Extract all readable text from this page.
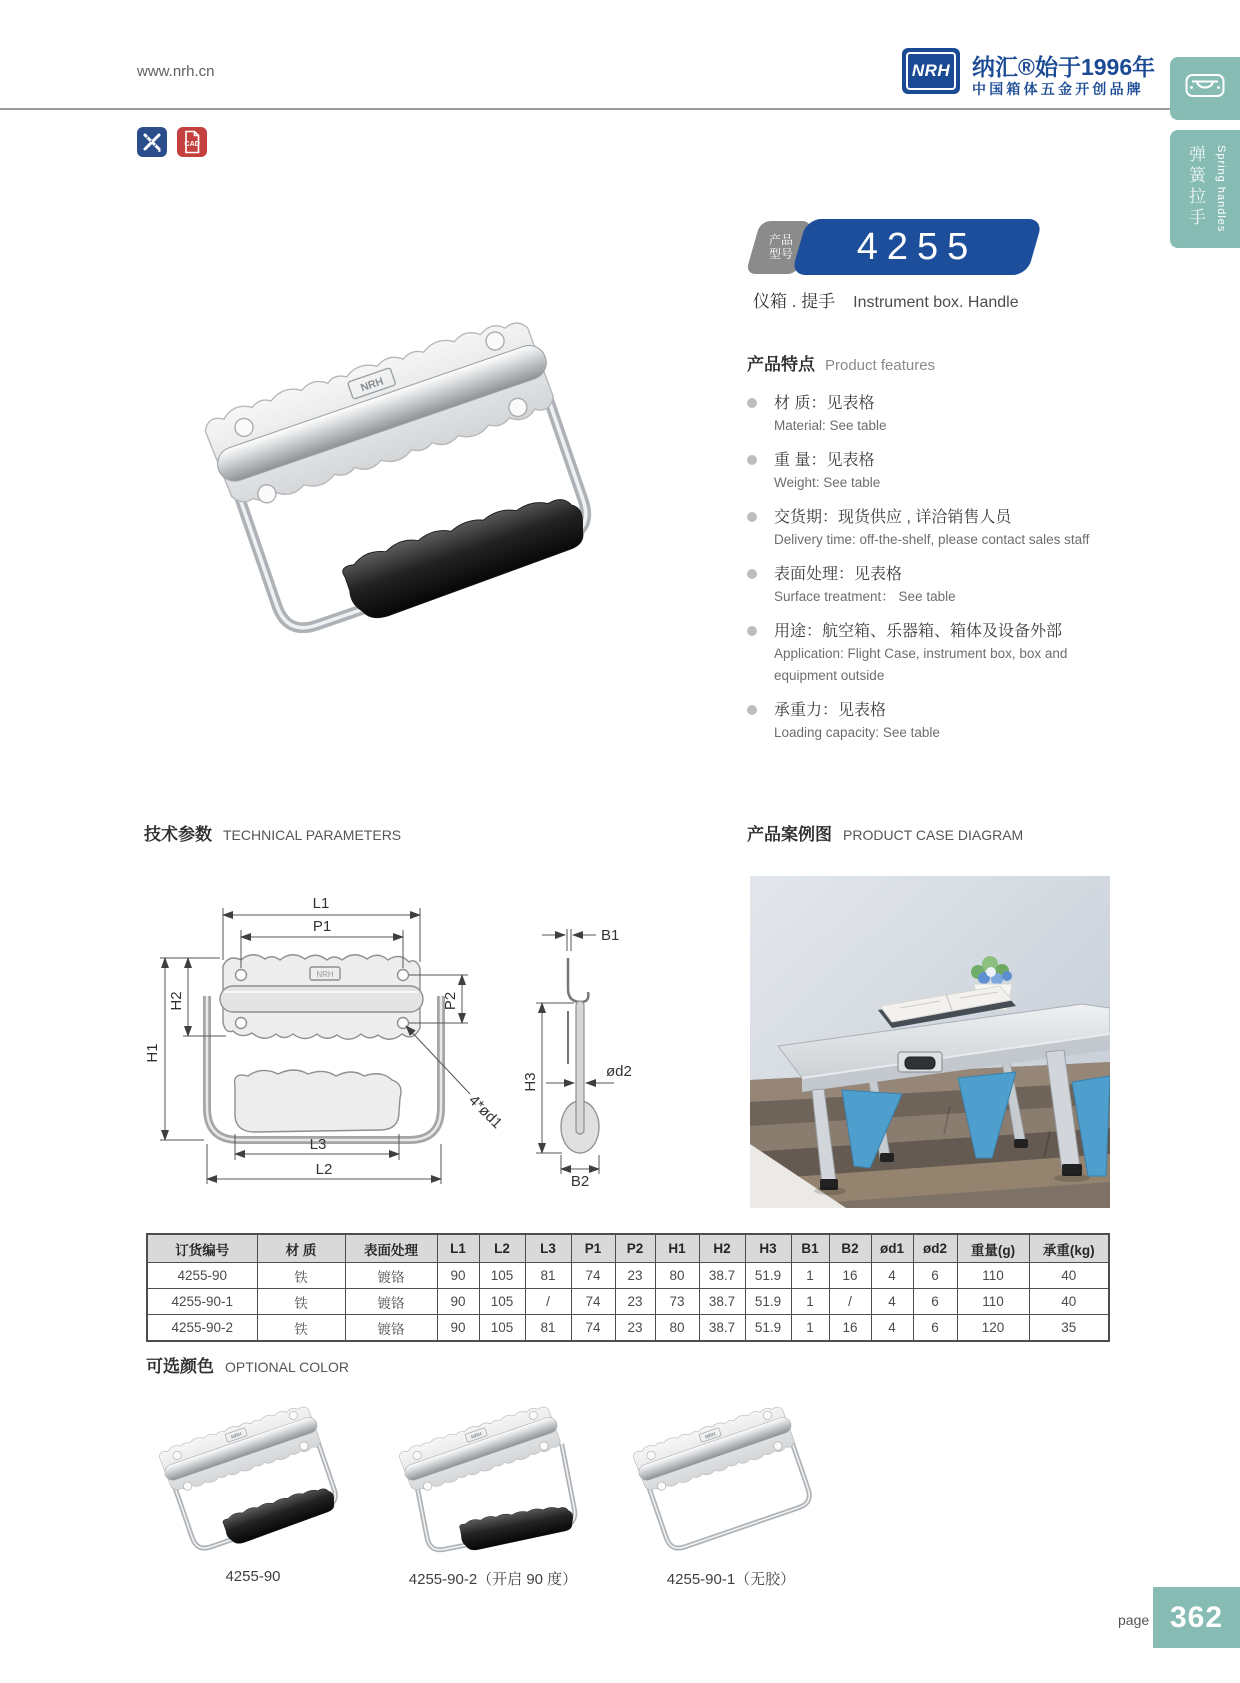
www.nrh.cn	NRH 纳汇®始于1996年
中国箱体五金开创品牌
弹簧拉手 Spring handles
CAD
产品
型号	4255
仪箱 . 提手 Instrument box. Handle
产品特点 Product features
材 质：见表格
Material: See table
重 量：见表格
Weight: See table
交货期：现货供应 , 详洽销售人员
Delivery time: off-the-shelf, please contact sales staff
表面处理：见表格
Surface treatment： See table
用途：航空箱、乐器箱、箱体及设备外部
Application: Flight Case, instrument box, box and equipment outside
承重力：见表格
Loading capacity: See table
技术参数 TECHNICAL PARAMETERS	产品案例图 PRODUCT CASE DIAGRAM
NRH
L1
P1
H1
H2	P2
4*ød1
L3
L2
B1
H3
ød2
B2
订货编号	材 质	表面处理	L1	L2	L3	P1	P2	H1	H2	H3	B1	B2	ød1	ød2	重量(g)	承重(kg)
4255-90	铁	镀铬	90	105	81	74	23	80	38.7	51.9	1	16	4	6	110	40
4255-90-1	铁	镀铬	90	105	/	74	23	73	38.7	51.9	1	/	4	6	110	40
4255-90-2	铁	镀铬	90	105	81	74	23	80	38.7	51.9	1	16	4	6	120	35
可选颜色 OPTIONAL COLOR
4255-90	4255-90-2（开启 90 度）	4255-90-1（无胶）
page 362
